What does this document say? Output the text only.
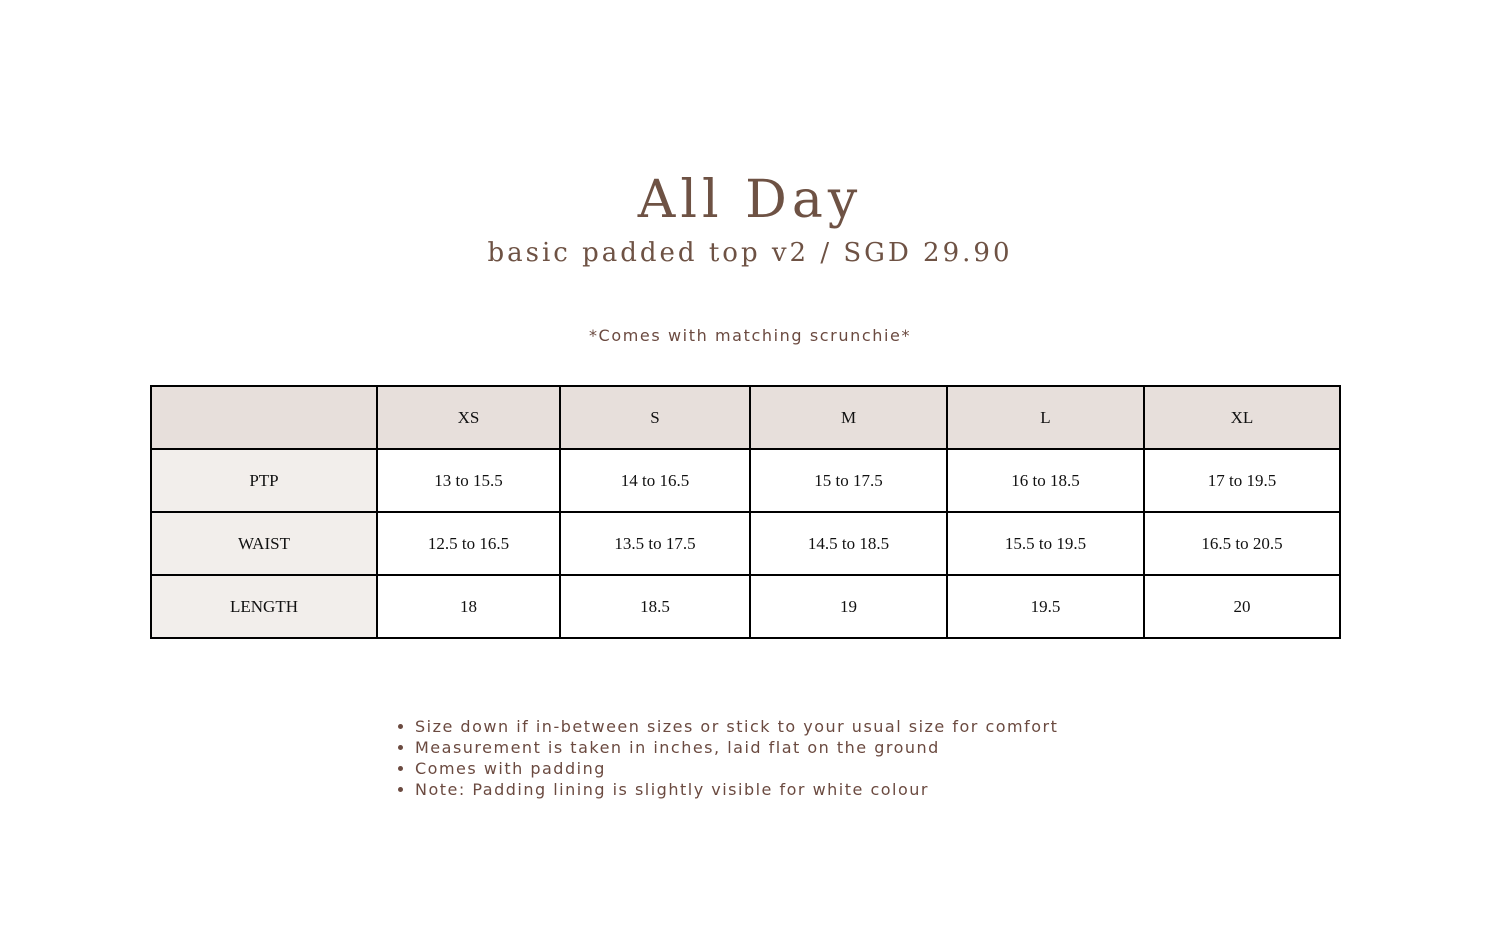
All Day

basic padded top v2 / SGD 29.90

*Comes with matching scrunchie*

	XS	S	M	L	XL
PTP	13 to 15.5	14 to 16.5	15 to 17.5	16 to 18.5	17 to 19.5
WAIST	12.5 to 16.5	13.5 to 17.5	14.5 to 18.5	15.5 to 19.5	16.5 to 20.5
LENGTH	18	18.5	19	19.5	20
Size down if in-between sizes or stick to your usual size for comfort
Measurement is taken in inches, laid flat on the ground
Comes with padding
Note: Padding lining is slightly visible for white colour
